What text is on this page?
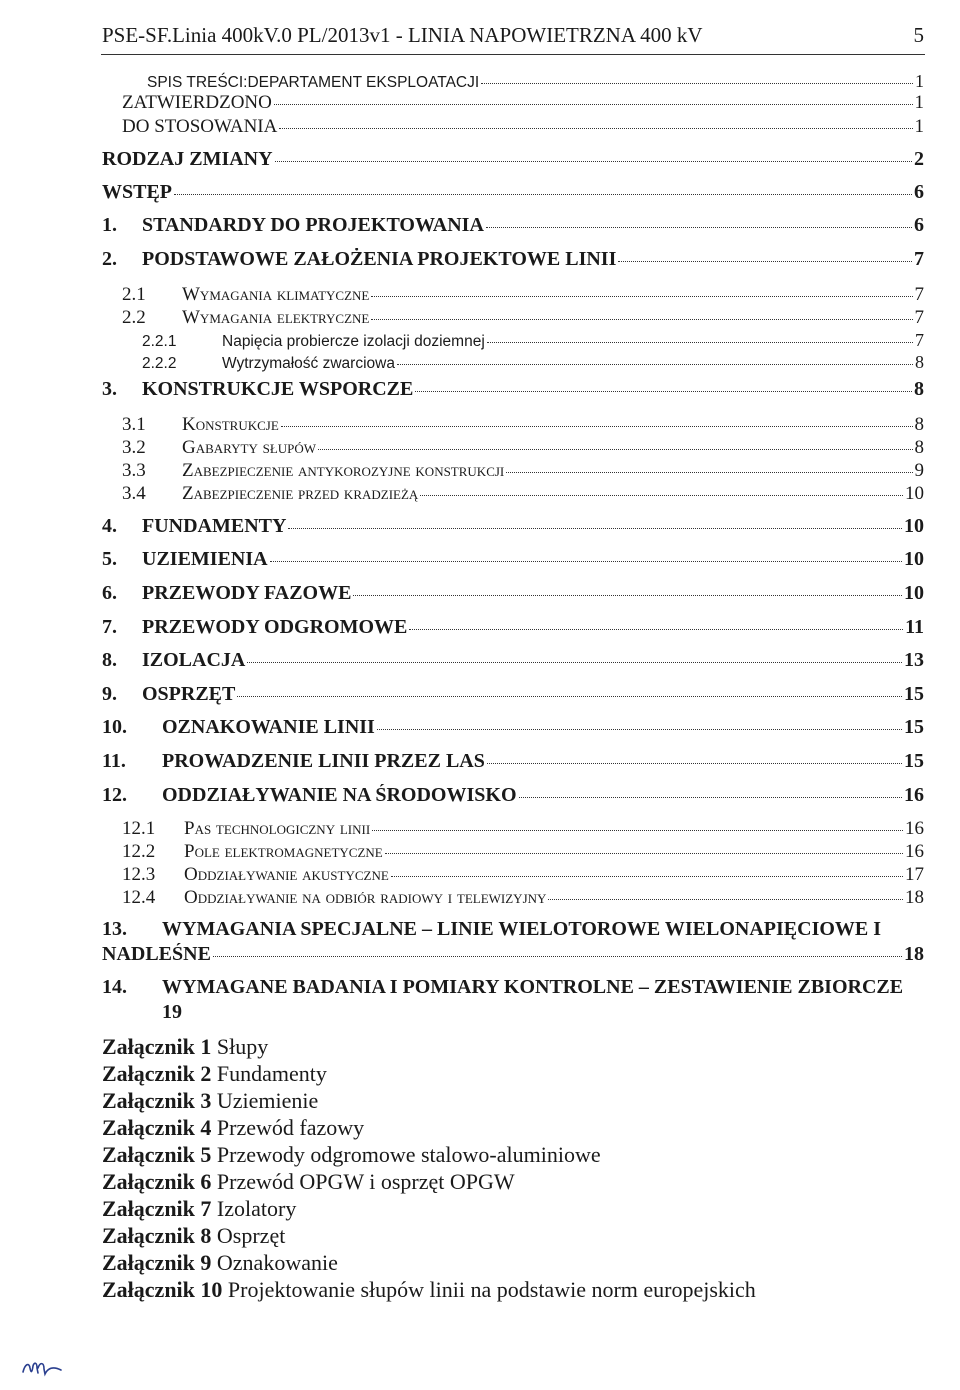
PSE-SF.Linia 400kV.0 PL/2013v1 - LINIA NAPOWIETRZNA 400 kV	5
SPIS TREŚCI:DEPARTAMENT EKSPLOATACJI	1
ZATWIERDZONO	1
DO STOSOWANIA	1
RODZAJ ZMIANY	2
WSTĘP	6
1.	STANDARDY DO PROJEKTOWANIA	6
2.	PODSTAWOWE ZAŁOŻENIA PROJEKTOWE LINII	7
2.1	Wymagania klimatyczne	7
2.2	Wymagania elektryczne	7
2.2.1	Napięcia probiercze izolacji doziemnej	7
2.2.2	Wytrzymałość zwarciowa	8
3.	KONSTRUKCJE WSPORCZE	8
3.1	Konstrukcje	8
3.2	Gabaryty słupów	8
3.3	Zabezpieczenie antykorozyjne konstrukcji	9
3.4	Zabezpieczenie przed kradzieżą	10
4.	FUNDAMENTY	10
5.	UZIEMIENIA	10
6.	PRZEWODY FAZOWE	10
7.	PRZEWODY ODGROMOWE	11
8.	IZOLACJA	13
9.	OSPRZĘT	15
10.	OZNAKOWANIE LINII	15
11.	PROWADZENIE LINII PRZEZ LAS	15
12.	ODDZIAŁYWANIE NA ŚRODOWISKO	16
12.1	Pas technologiczny linii	16
12.2	Pole elektromagnetyczne	16
12.3	Oddziaływanie akustyczne	17
12.4	Oddziaływanie na odbiór radiowy i telewizyjny	18
13. WYMAGANIA SPECJALNE – LINIE WIELOTOROWE WIELONAPIĘCIOWE I
NADLEŚNE	18
14. WYMAGANE BADANIA I POMIARY KONTROLNE – ZESTAWIENIE ZBIORCZE
19
Załącznik 1 Słupy
Załącznik 2 Fundamenty
Załącznik 3 Uziemienie
Załącznik 4 Przewód fazowy
Załącznik 5 Przewody odgromowe stalowo-aluminiowe
Załącznik 6 Przewód OPGW i osprzęt OPGW
Załącznik 7 Izolatory
Załącznik 8 Osprzęt
Załącznik 9 Oznakowanie
Załącznik 10 Projektowanie słupów linii na podstawie norm europejskich
